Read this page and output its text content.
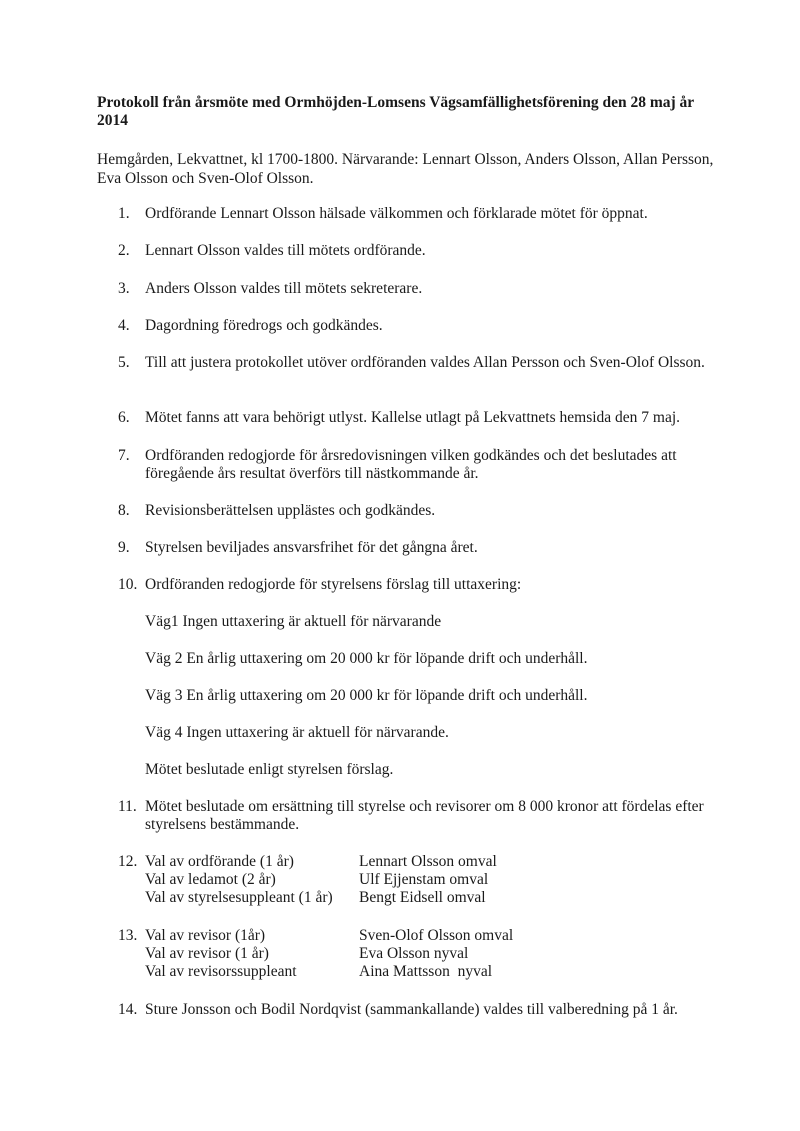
Protokoll från årsmöte med Ormhöjden-Lomsens Vägsamfällighetsförening den 28 maj år 2014
Hemgården, Lekvattnet, kl 1700-1800. Närvarande: Lennart Olsson, Anders Olsson, Allan Persson, Eva Olsson och Sven-Olof Olsson.
1. Ordförande Lennart Olsson hälsade välkommen och förklarade mötet för öppnat.
2. Lennart Olsson valdes till mötets ordförande.
3. Anders Olsson valdes till mötets sekreterare.
4. Dagordning föredrogs och godkändes.
5. Till att justera protokollet utöver ordföranden valdes Allan Persson och Sven-Olof Olsson.
6. Mötet fanns att vara behörigt utlyst. Kallelse utlagt på Lekvattnets hemsida den 7 maj.
7. Ordföranden redogjorde för årsredovisningen vilken godkändes och det beslutades att föregående års resultat överförs till nästkommande år.
8. Revisionsberättelsen upplästes och godkändes.
9. Styrelsen beviljades ansvarsfrihet för det gångna året.
10. Ordföranden redogjorde för styrelsens förslag till uttaxering:
Väg1 Ingen uttaxering är aktuell för närvarande
Väg 2 En årlig uttaxering om 20 000 kr för löpande drift och underhåll.
Väg 3 En årlig uttaxering om 20 000 kr för löpande drift och underhåll.
Väg 4 Ingen uttaxering är aktuell för närvarande.
Mötet beslutade enligt styrelsen förslag.
11. Mötet beslutade om ersättning till styrelse och revisorer om 8 000 kronor att fördelas efter styrelsens bestämmande.
12. Val av ordförande (1 år)	Lennart Olsson omval
Val av ledamot (2 år)	Ulf Ejjenstam omval
Val av styrelsesuppleant (1 år) Bengt Eidsell omval
13. Val av revisor (1år)	Sven-Olof Olsson omval
Val av revisor (1 år)	Eva Olsson nyval
Val av revisorssuppleant	Aina Mattsson  nyval
14. Sture Jonsson och Bodil Nordqvist (sammankallande) valdes till valberedning på 1 år.
